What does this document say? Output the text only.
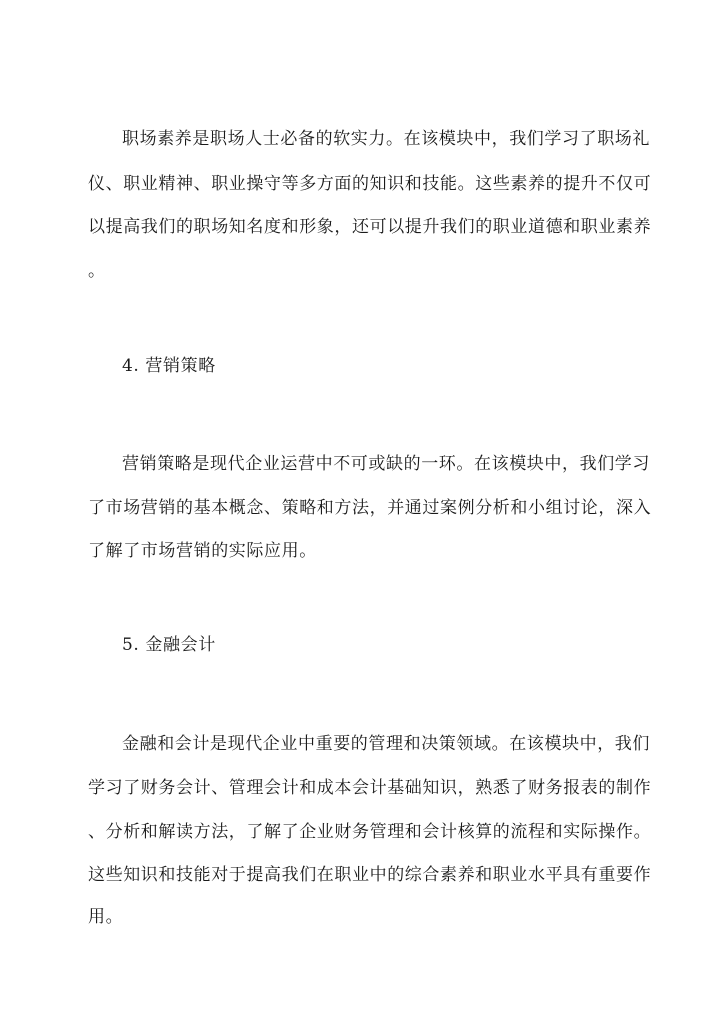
职场素养是职场人士必备的软实力。在该模块中，我们学习了职场礼
仪、职业精神、职业操守等多方面的知识和技能。这些素养的提升不仅可
以提高我们的职场知名度和形象，还可以提升我们的职业道德和职业素养
。
4. 营销策略
营销策略是现代企业运营中不可或缺的一环。在该模块中，我们学习
了市场营销的基本概念、策略和方法，并通过案例分析和小组讨论，深入
了解了市场营销的实际应用。
5. 金融会计
金融和会计是现代企业中重要的管理和决策领域。在该模块中，我们
学习了财务会计、管理会计和成本会计基础知识，熟悉了财务报表的制作
、分析和解读方法，了解了企业财务管理和会计核算的流程和实际操作。
这些知识和技能对于提高我们在职业中的综合素养和职业水平具有重要作
用。
